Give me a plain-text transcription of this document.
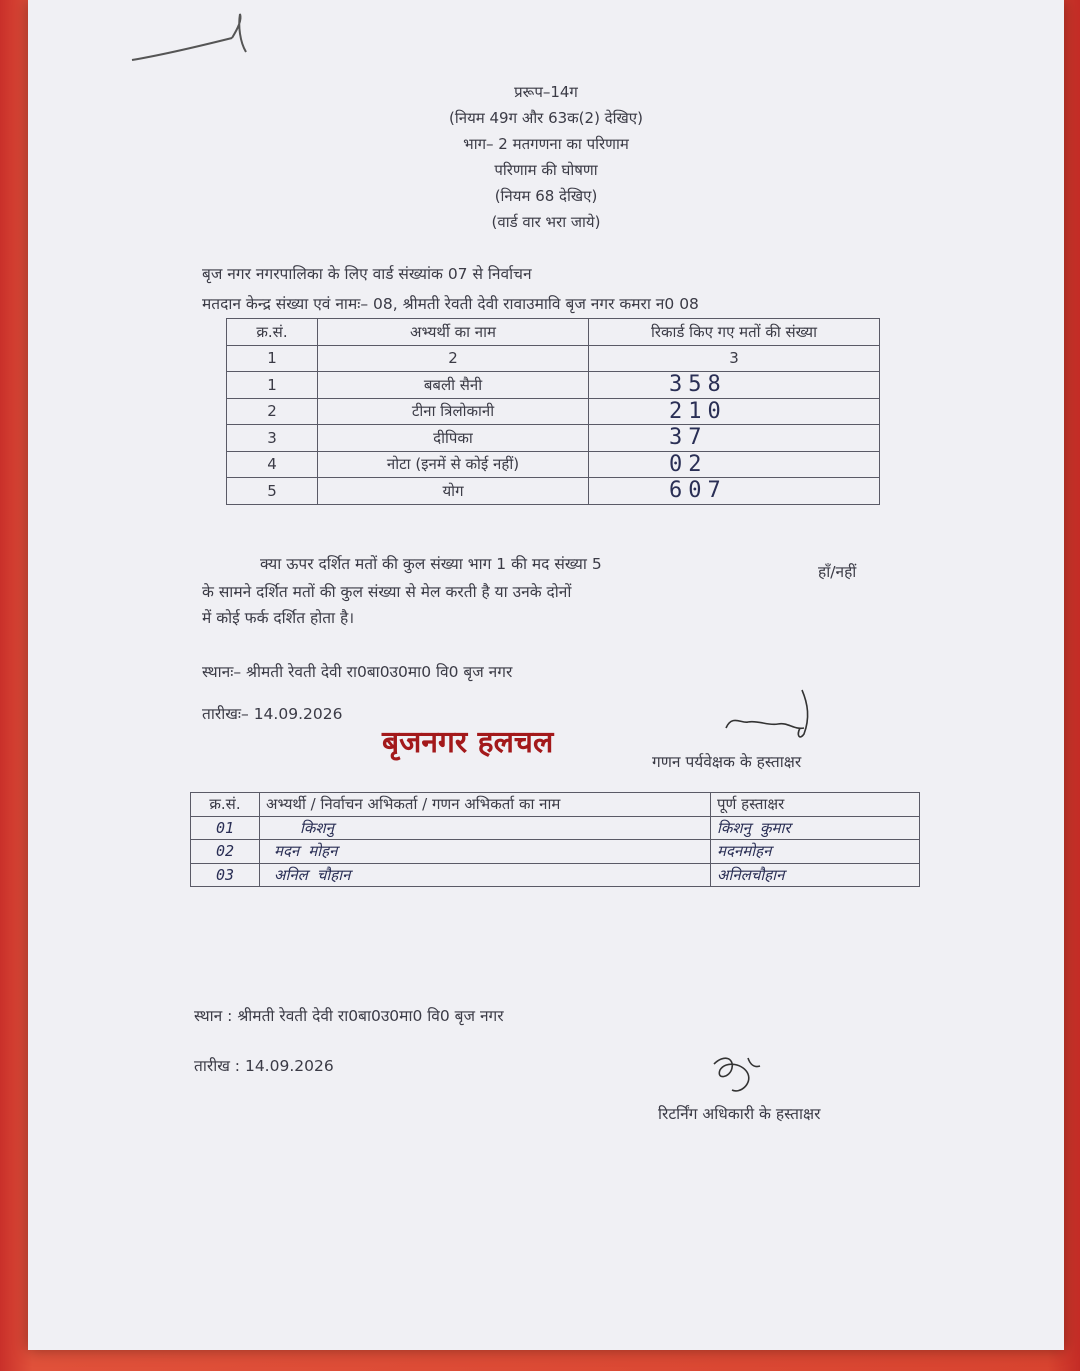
प्ररूप–14ग
(नियम 49ग और 63क(2) देखिए)
भाग– 2 मतगणना का परिणाम
परिणाम की घोषणा
(नियम 68 देखिए)
(वार्ड वार भरा जाये)
बृज नगर नगरपालिका के लिए वार्ड संख्यांक 07 से निर्वाचन
मतदान केन्द्र संख्या एवं नामः– 08, श्रीमती रेवती देवी रावाउमावि बृज नगर कमरा न0 08
क्र.सं.	अभ्यर्थी का नाम	रिकार्ड किए गए मतों की संख्या
1	2	3
1	बबली सैनी	358
2	टीना त्रिलोकानी	210
3	दीपिका	37
4	नोटा (इनमें से कोई नहीं)	02
5	योग	607
क्या ऊपर दर्शित मतों की कुल संख्या भाग 1 की मद संख्या 5
के सामने दर्शित मतों की कुल संख्या से मेल करती है या उनके दोनों
में कोई फर्क दर्शित होता है।
हाँ/नहीं
स्थानः– श्रीमती रेवती देवी रा0बा0उ0मा0 वि0 बृज नगर
तारीखः– 14.09.2026
बृजनगर हलचल
गणन पर्यवेक्षक के हस्ताक्षर
क्र.सं.	अभ्यर्थी / निर्वाचन अभिकर्ता / गणन अभिकर्ता का नाम	पूर्ण हस्ताक्षर
01	किशनु	किशनु कुमार
02	मदन मोहन	मदनमोहन
03	अनिल चौहान	अनिलचौहान
स्थान : श्रीमती रेवती देवी रा0बा0उ0मा0 वि0 बृज नगर
तारीख : 14.09.2026
रिटर्निंग अधिकारी के हस्ताक्षर
